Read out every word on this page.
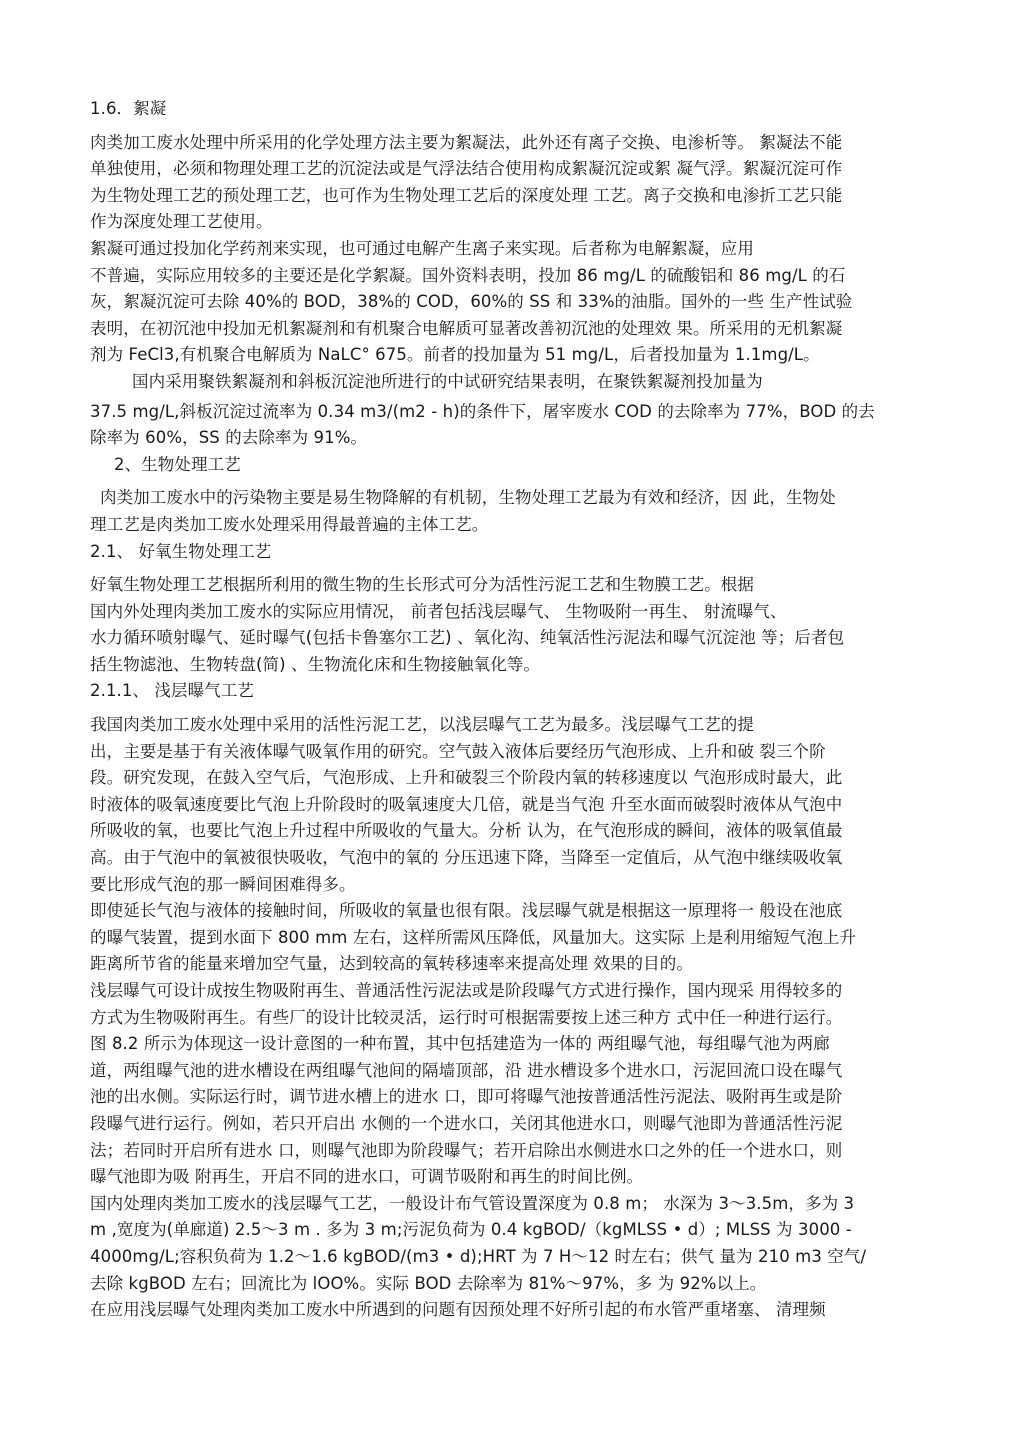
1.6．絮凝
肉类加工废水处理中所采用的化学处理方法主要为絮凝法，此外还有离子交换、电渗析等。 絮凝法不能
单独使用，必须和物理处理工艺的沉淀法或是气浮法结合使用构成絮凝沉淀或絮 凝气浮。絮凝沉淀可作
为生物处理工艺的预处理工艺，也可作为生物处理工艺后的深度处理 工艺。离子交换和电渗折工艺只能
作为深度处理工艺使用。
絮凝可通过投加化学药剂来实现，也可通过电解产生离子来实现。后者称为电解絮凝，应用
不普遍，实际应用较多的主要还是化学絮凝。国外资料表明，投加 86 mg/L 的硫酸铝和 86 mg/L 的石
灰，絮凝沉淀可去除 40%的 BOD，38%的 COD，60%的 SS 和 33%的油脂。国外的一些 生产性试验
表明，在初沉池中投加无机絮凝剂和有机聚合电解质可显著改善初沉池的处理效 果。所采用的无机絮凝
剂为 FeCl3,有机聚合电解质为 NaLC° 675。前者的投加量为 51 mg/L，后者投加量为 1.1mg/L。
国内采用聚铁絮凝剂和斜板沉淀池所进行的中试研究结果表明，在聚铁絮凝剂投加量为
37.5 mg/L,斜板沉淀过流率为 0.34 m3/(m2 - h)的条件下，屠宰废水 COD 的去除率为 77%，BOD 的去
除率为 60%，SS 的去除率为 91%。
2、生物处理工艺
肉类加工废水中的污染物主要是易生物降解的有机韧，生物处理工艺最为有效和经济，因 此，生物处
理工艺是肉类加工废水处理采用得最普遍的主体工艺。
2.1、 好氧生物处理工艺
好氧生物处理工艺根据所利用的微生物的生长形式可分为活性污泥工艺和生物膜工艺。根据
国内外处理肉类加工废水的实际应用情况， 前者包括浅层曝气、 生物吸附一再生、 射流曝气、
水力循环喷射曝气、延时曝气(包括卡鲁塞尔工艺) 、氧化沟、纯氧活性污泥法和曝气沉淀池 等；后者包
括生物滤池、生物转盘(简) 、生物流化床和生物接触氧化等。
2.1.1、 浅层曝气工艺
我国肉类加工废水处理中采用的活性污泥工艺，以浅层曝气工艺为最多。浅层曝气工艺的提
出，主要是基于有关液体曝气吸氧作用的研究。空气鼓入液体后要经历气泡形成、上升和破 裂三个阶
段。研究发现，在鼓入空气后，气泡形成、上升和破裂三个阶段内氧的转移速度以 气泡形成时最大，此
时液体的吸氧速度要比气泡上升阶段时的吸氧速度大几倍，就是当气泡 升至水面而破裂时液体从气泡中
所吸收的氧，也要比气泡上升过程中所吸收的气量大。分析 认为，在气泡形成的瞬间，液体的吸氧值最
高。由于气泡中的氧被很快吸收，气泡中的氧的 分压迅速下降，当降至一定值后，从气泡中继续吸收氧
要比形成气泡的那一瞬间困难得多。
即使延长气泡与液体的接触时间，所吸收的氧量也很有限。浅层曝气就是根据这一原理将一 般设在池底
的曝气装置，提到水面下 800 mm 左右，这样所需风压降低，风量加大。这实际 上是利用缩短气泡上升
距离所节省的能量来增加空气量，达到较高的氧转移速率来提高处理 效果的目的。
浅层曝气可设计成按生物吸附再生、普通活性污泥法或是阶段曝气方式进行操作，国内现采 用得较多的
方式为生物吸附再生。有些厂的设计比较灵活，运行时可根据需要按上述三种方 式中任一种进行运行。
图 8.2 所示为体现这一设计意图的一种布置，其中包括建造为一体的 两组曝气池，每组曝气池为两廊
道，两组曝气池的进水槽设在两组曝气池间的隔墙顶部，沿 进水槽设多个进水口，污泥回流口设在曝气
池的出水侧。实际运行时，调节进水槽上的进水 口，即可将曝气池按普通活性污泥法、吸附再生或是阶
段曝气进行运行。例如，若只开启出 水侧的一个进水口，关闭其他进水口，则曝气池即为普通活性污泥
法；若同时开启所有进水 口，则曝气池即为阶段曝气；若开启除出水侧进水口之外的任一个进水口，则
曝气池即为吸 附再生，开启不同的进水口，可调节吸附和再生的时间比例。
国内处理肉类加工废水的浅层曝气工艺，一般设计布气管设置深度为 0.8 m； 水深为 3～3.5m，多为 3
m ,宽度为(单廊道) 2.5～3 m . 多为 3 m;污泥负荷为 0.4 kgBOD/（kgMLSS • d）; MLSS 为 3000 -
4000mg/L;容积负荷为 1.2～1.6 kgBOD/(m3 • d);HRT 为 7 H～12 时左右；供气 量为 210 m3 空气/
去除 kgBOD 左右；回流比为 lOO%。实际 BOD 去除率为 81%～97%，多 为 92%以上。
在应用浅层曝气处理肉类加工废水中所遇到的问题有因预处理不好所引起的布水管严重堵塞、 清理频
